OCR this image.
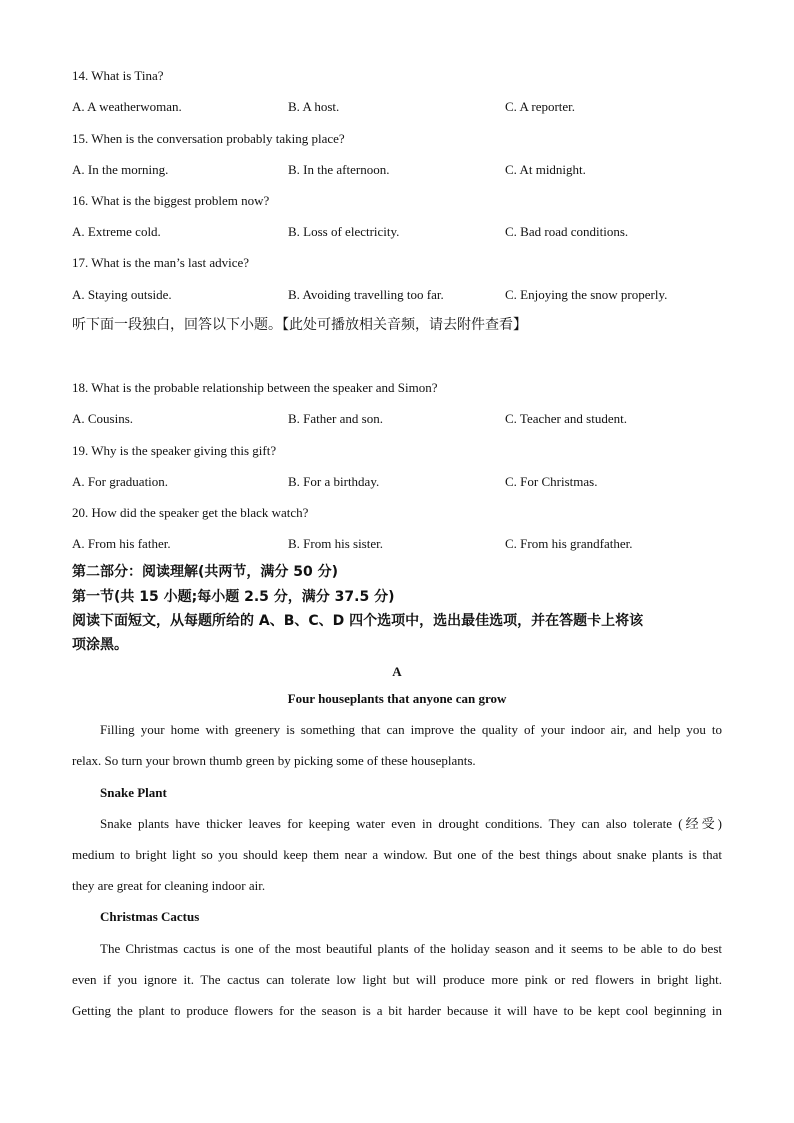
14. What is Tina?
A. A weatherwoman.	B. A host.	C. A reporter.
15. When is the conversation probably taking place?
A. In the morning.	B. In the afternoon.	C. At midnight.
16. What is the biggest problem now?
A. Extreme cold.	B. Loss of electricity.	C. Bad road conditions.
17. What is the man’s last advice?
A. Staying outside.	B. Avoiding travelling too far.	C. Enjoying the snow properly.
听下面一段独白，回答以下小题。【此处可播放相关音频，请去附件查看】
18. What is the probable relationship between the speaker and Simon?
A. Cousins.	B. Father and son.	C. Teacher and student.
19. Why is the speaker giving this gift?
A. For graduation.	B. For a birthday.	C. For Christmas.
20. How did the speaker get the black watch?
A. From his father.	B. From his sister.	C. From his grandfather.
第二部分：阅读理解(共两节，满分 50 分)
第一节(共 15 小题;每小题 2.5 分，满分 37.5 分)
阅读下面短文，从每题所给的 A、B、C、D 四个选项中，选出最佳选项，并在答题卡上将该
项涂黑。
A
Four houseplants that anyone can grow
Filling your home with greenery is something that can improve the quality of your indoor air, and help you to
relax. So turn your brown thumb green by picking some of these houseplants.
Snake Plant
Snake plants have thicker leaves for keeping water even in drought conditions. They can also tolerate (经受)
medium to bright light so you should keep them near a window. But one of the best things about snake plants is that
they are great for cleaning indoor air.
Christmas Cactus
The Christmas cactus is one of the most beautiful plants of the holiday season and it seems to be able to do best
even if you ignore it. The cactus can tolerate low light but will produce more pink or red flowers in bright light.
Getting the plant to produce flowers for the season is a bit harder because it will have to be kept cool beginning in
